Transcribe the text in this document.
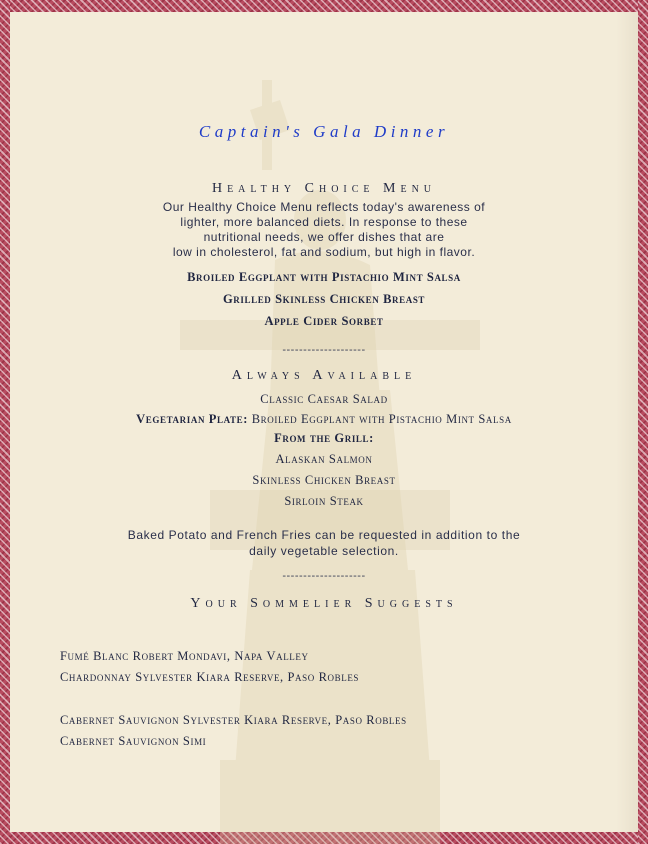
Captain's Gala Dinner
Healthy Choice Menu
Our Healthy Choice Menu reflects today's awareness of
lighter, more balanced diets. In response to these
nutritional needs, we offer dishes that are
low in cholesterol, fat and sodium, but high in flavor.
Broiled Eggplant with Pistachio Mint Salsa
Grilled Skinless Chicken Breast
Apple Cider Sorbet
--------------------
Always Available
Classic Caesar Salad
Vegetarian Plate: Broiled Eggplant with Pistachio Mint Salsa
From the Grill:
Alaskan Salmon
Skinless Chicken Breast
Sirloin Steak
Baked Potato and French Fries can be requested in addition to the
daily vegetable selection.
--------------------
Your Sommelier Suggests
Fumé Blanc Robert Mondavi, Napa Valley
Chardonnay Sylvester Kiara Reserve, Paso Robles
Cabernet Sauvignon Sylvester Kiara Reserve, Paso Robles
Cabernet Sauvignon Simi
